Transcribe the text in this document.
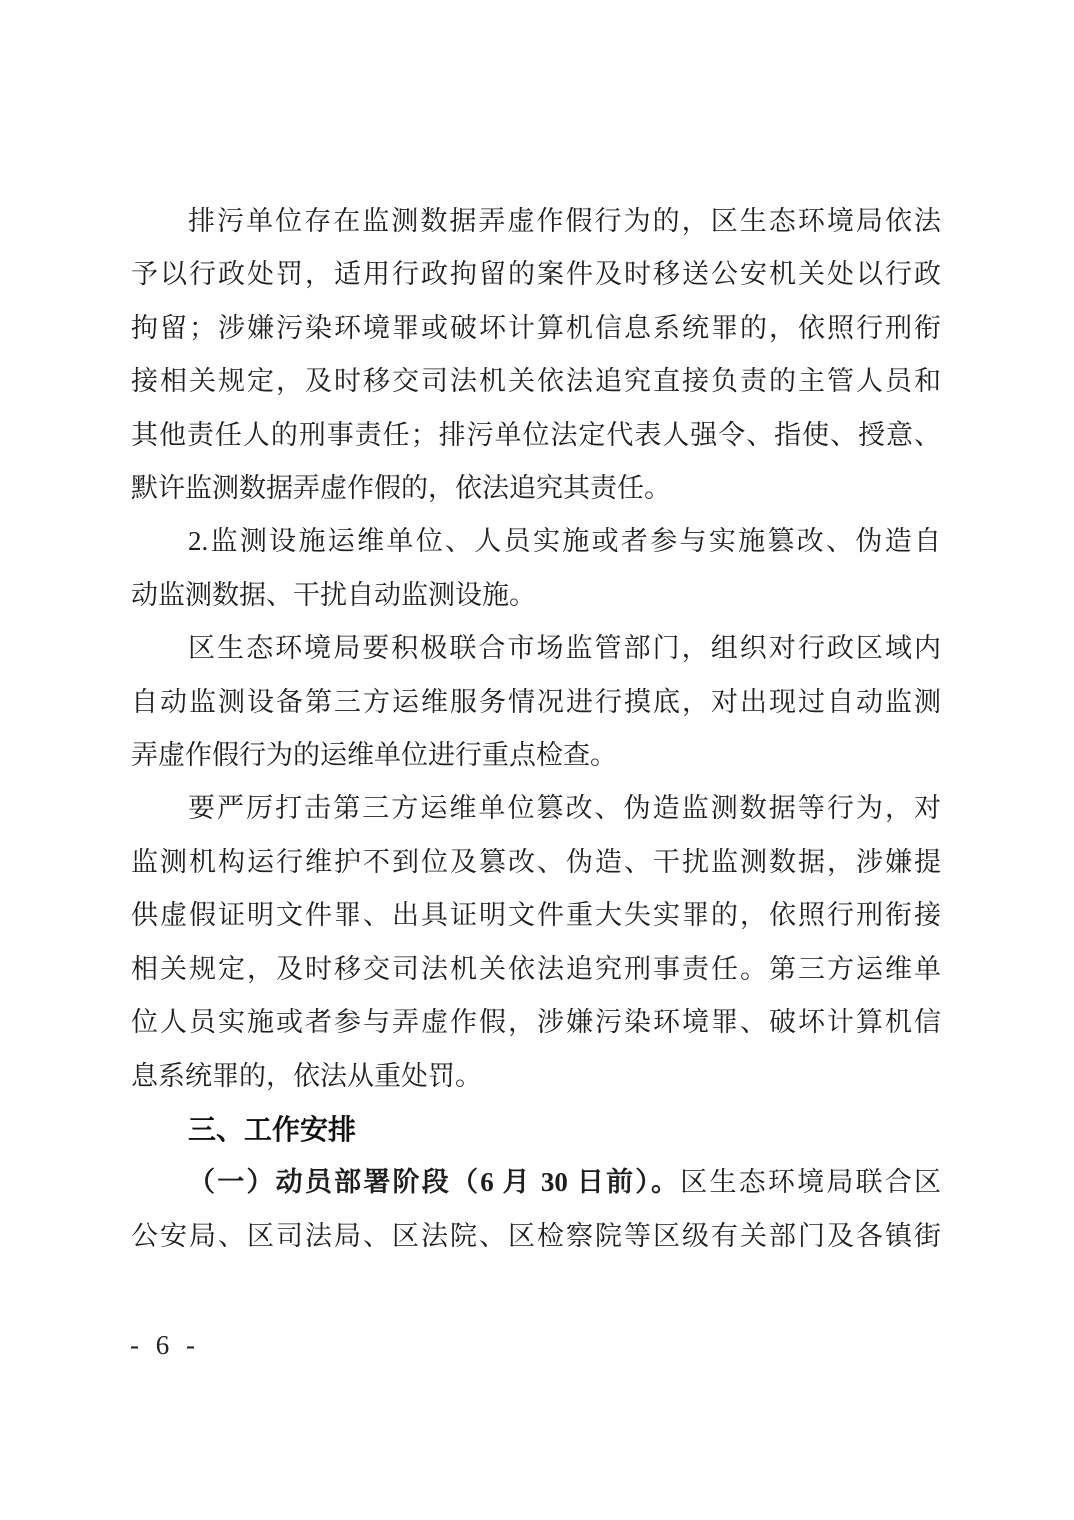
排污单位存在监测数据弄虚作假行为的，区生态环境局依法
予以行政处罚，适用行政拘留的案件及时移送公安机关处以行政
拘留；涉嫌污染环境罪或破坏计算机信息系统罪的，依照行刑衔
接相关规定，及时移交司法机关依法追究直接负责的主管人员和
其他责任人的刑事责任；排污单位法定代表人强令、指使、授意、
默许监测数据弄虚作假的，依法追究其责任。
2.监测设施运维单位、人员实施或者参与实施篡改、伪造自
动监测数据、干扰自动监测设施。
区生态环境局要积极联合市场监管部门，组织对行政区域内
自动监测设备第三方运维服务情况进行摸底，对出现过自动监测
弄虚作假行为的运维单位进行重点检查。
要严厉打击第三方运维单位篡改、伪造监测数据等行为，对
监测机构运行维护不到位及篡改、伪造、干扰监测数据，涉嫌提
供虚假证明文件罪、出具证明文件重大失实罪的，依照行刑衔接
相关规定，及时移交司法机关依法追究刑事责任。第三方运维单
位人员实施或者参与弄虚作假，涉嫌污染环境罪、破坏计算机信
息系统罪的，依法从重处罚。
三、工作安排
（一）动员部署阶段（6 月 30 日前）。区生态环境局联合区
公安局、区司法局、区法院、区检察院等区级有关部门及各镇街
- 6 -
